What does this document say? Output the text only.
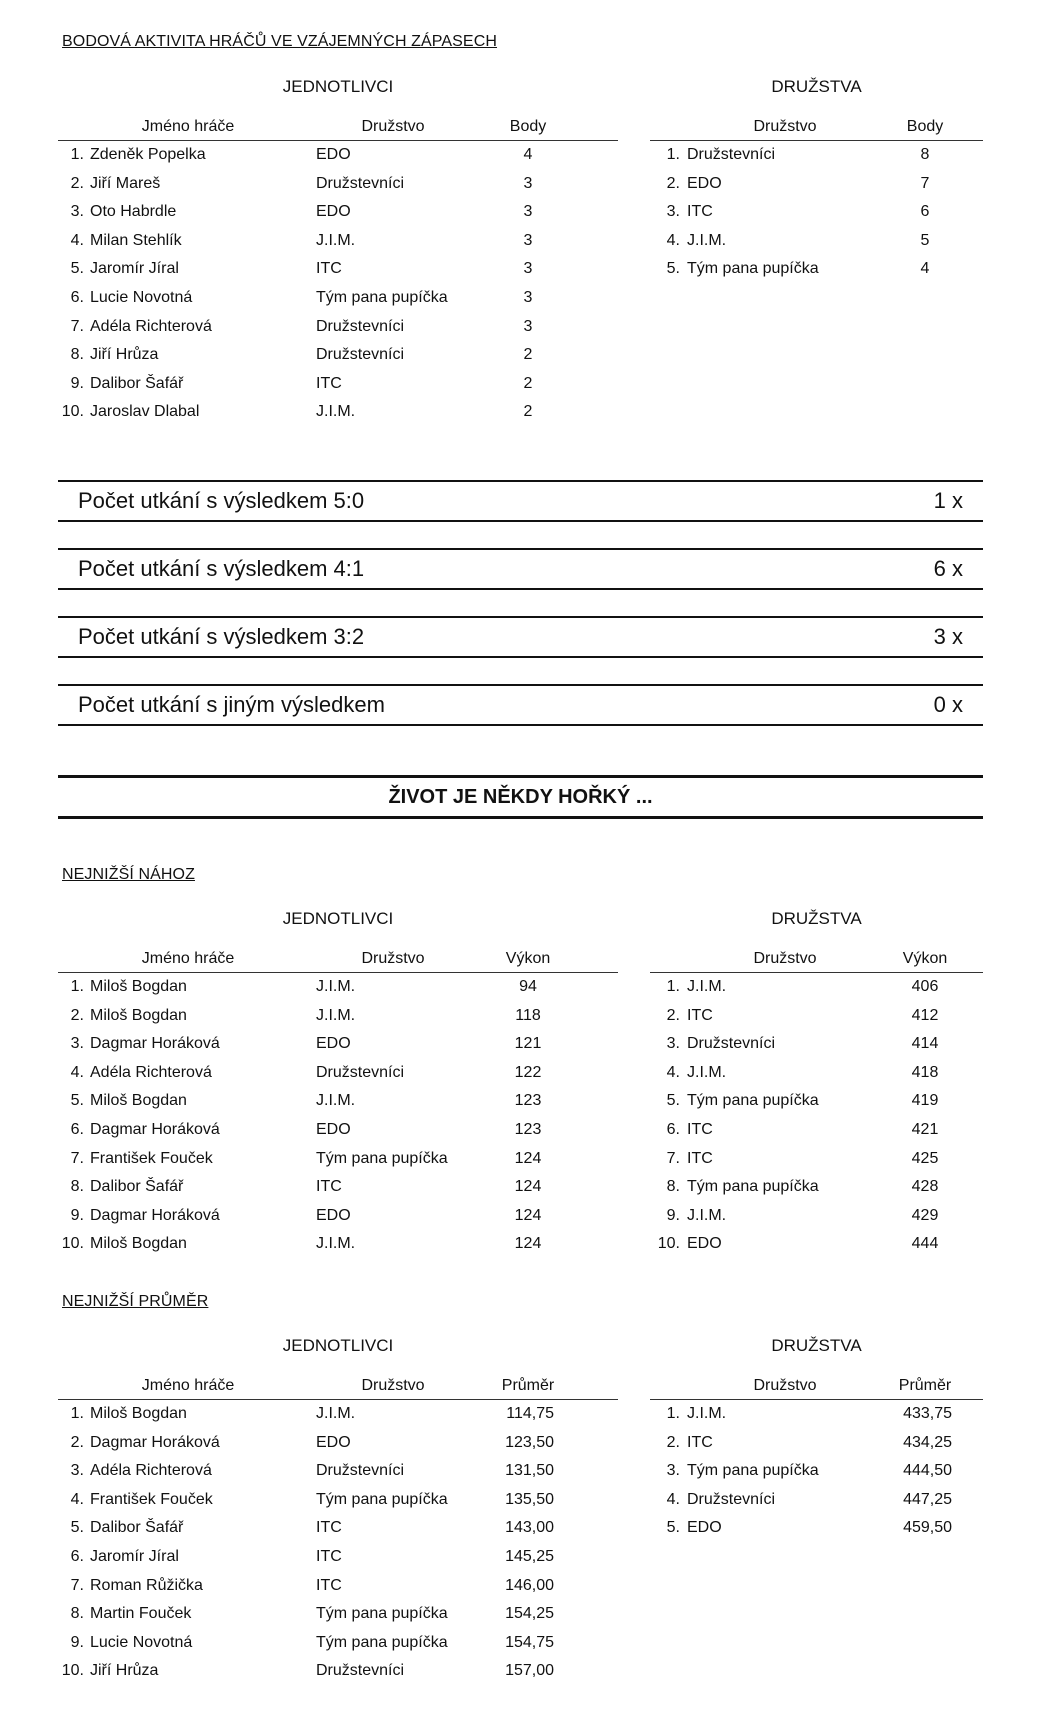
BODOVÁ AKTIVITA HRÁČŮ VE VZÁJEMNÝCH ZÁPASECH
JEDNOTLIVCI	DRUŽSTVA
Jméno hráče	Družstvo	Body
1. Zdeněk Popelka	EDO	4
2. Jiří Mareš	Družstevníci	3
3. Oto Habrdle	EDO	3
4. Milan Stehlík	J.I.M.	3
5. Jaromír Jíral	ITC	3
6. Lucie Novotná	Tým pana pupíčka	3
7. Adéla Richterová	Družstevníci	3
8. Jiří Hrůza	Družstevníci	2
9. Dalibor Šafář	ITC	2
10. Jaroslav Dlabal	J.I.M.	2
Družstvo	Body
1. Družstevníci	8
2. EDO	7
3. ITC	6
4. J.I.M.	5
5. Tým pana pupíčka	4
Počet utkání s výsledkem 5:0	1 x
Počet utkání s výsledkem 4:1	6 x
Počet utkání s výsledkem 3:2	3 x
Počet utkání s jiným výsledkem	0 x
ŽIVOT JE NĚKDY HOŘKÝ ...
NEJNIŽŠÍ NÁHOZ
JEDNOTLIVCI	DRUŽSTVA
Jméno hráče	Družstvo	Výkon
1. Miloš Bogdan	J.I.M.	94
2. Miloš Bogdan	J.I.M.	118
3. Dagmar Horáková	EDO	121
4. Adéla Richterová	Družstevníci	122
5. Miloš Bogdan	J.I.M.	123
6. Dagmar Horáková	EDO	123
7. František Fouček	Tým pana pupíčka	124
8. Dalibor Šafář	ITC	124
9. Dagmar Horáková	EDO	124
10. Miloš Bogdan	J.I.M.	124
Družstvo	Výkon
1. J.I.M.	406
2. ITC	412
3. Družstevníci	414
4. J.I.M.	418
5. Tým pana pupíčka	419
6. ITC	421
7. ITC	425
8. Tým pana pupíčka	428
9. J.I.M.	429
10. EDO	444
NEJNIŽŠÍ PRŮMĚR
JEDNOTLIVCI	DRUŽSTVA
Jméno hráče	Družstvo	Průměr
1. Miloš Bogdan	J.I.M.	114,75
2. Dagmar Horáková	EDO	123,50
3. Adéla Richterová	Družstevníci	131,50
4. František Fouček	Tým pana pupíčka	135,50
5. Dalibor Šafář	ITC	143,00
6. Jaromír Jíral	ITC	145,25
7. Roman Růžička	ITC	146,00
8. Martin Fouček	Tým pana pupíčka	154,25
9. Lucie Novotná	Tým pana pupíčka	154,75
10. Jiří Hrůza	Družstevníci	157,00
Družstvo	Průměr
1. J.I.M.	433,75
2. ITC	434,25
3. Tým pana pupíčka	444,50
4. Družstevníci	447,25
5. EDO	459,50
